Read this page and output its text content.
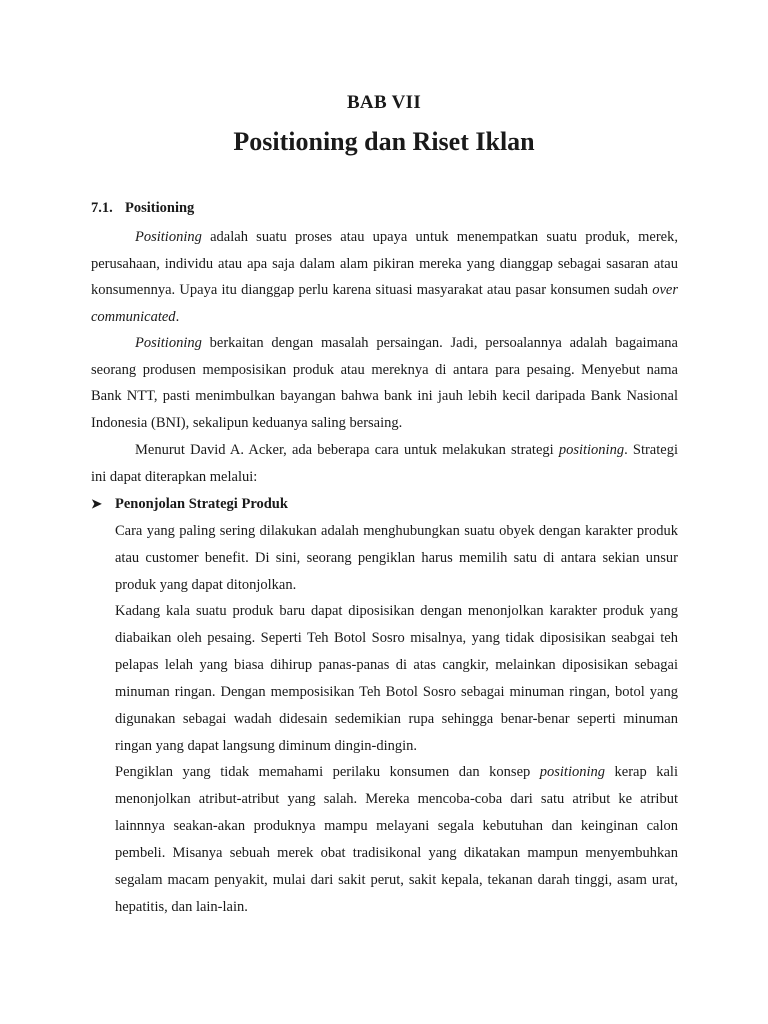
BAB VII
Positioning dan Riset Iklan
7.1. Positioning
Positioning adalah suatu proses atau upaya untuk menempatkan suatu produk, merek, perusahaan, individu atau apa saja dalam alam pikiran mereka yang dianggap sebagai sasaran atau konsumennya. Upaya itu dianggap perlu karena situasi masyarakat atau pasar konsumen sudah over communicated.
Positioning berkaitan dengan masalah persaingan. Jadi, persoalannya adalah bagaimana seorang produsen memposisikan produk atau mereknya di antara para pesaing. Menyebut nama Bank NTT, pasti menimbulkan bayangan bahwa bank ini jauh lebih kecil daripada Bank Nasional Indonesia (BNI), sekalipun keduanya saling bersaing.
Menurut David A. Acker, ada beberapa cara untuk melakukan strategi positioning. Strategi ini dapat diterapkan melalui:
➤ Penonjolan Strategi Produk
Cara yang paling sering dilakukan adalah menghubungkan suatu obyek dengan karakter produk atau customer benefit. Di sini, seorang pengiklan harus memilih satu di antara sekian unsur produk yang dapat ditonjolkan.
Kadang kala suatu produk baru dapat diposisikan dengan menonjolkan karakter produk yang diabaikan oleh pesaing. Seperti Teh Botol Sosro misalnya, yang tidak diposisikan seabgai teh pelapas lelah yang biasa dihirup panas-panas di atas cangkir, melainkan diposisikan sebagai minuman ringan. Dengan memposisikan Teh Botol Sosro sebagai minuman ringan, botol yang digunakan sebagai wadah didesain sedemikian rupa sehingga benar-benar seperti minuman ringan yang dapat langsung diminum dingin-dingin.
Pengiklan yang tidak memahami perilaku konsumen dan konsep positioning kerap kali menonjolkan atribut-atribut yang salah. Mereka mencoba-coba dari satu atribut ke atribut lainnnya seakan-akan produknya mampu melayani segala kebutuhan dan keinginan calon pembeli. Misanya sebuah merek obat tradisikonal yang dikatakan mampun menyembuhkan segalam macam penyakit, mulai dari sakit perut, sakit kepala, tekanan darah tinggi, asam urat, hepatitis, dan lain-lain.
